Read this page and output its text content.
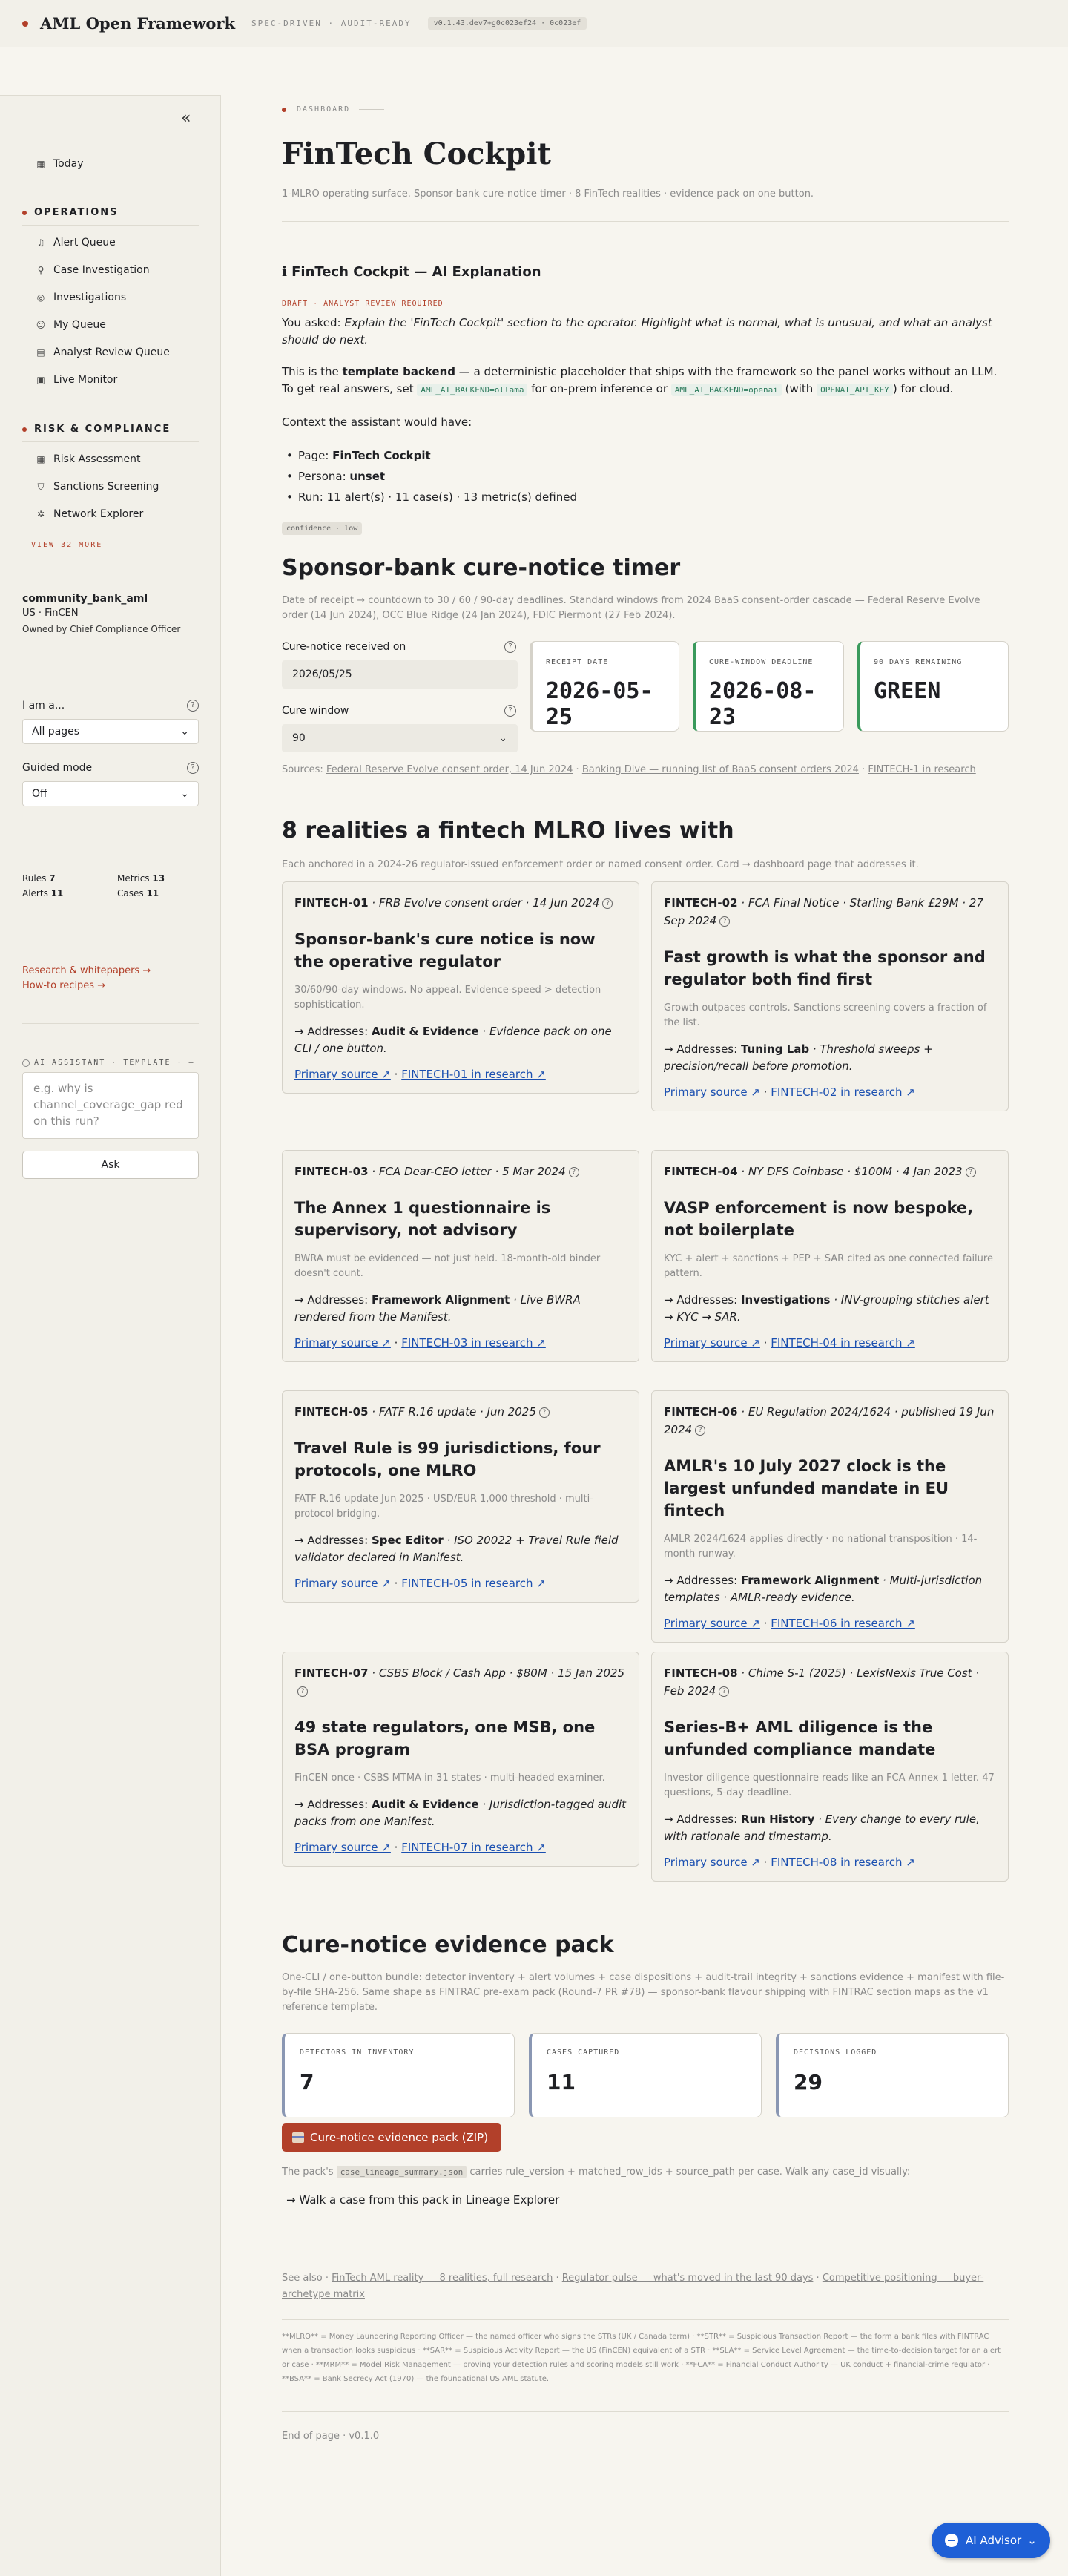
AML Open Framework SPEC-DRIVEN · AUDIT-READY	v0.1.43.dev7+g0c023ef24 · 0c023ef
«
▦ Today
OPERATIONS
♫ Alert Queue
⚲ Case Investigation
◎ Investigations
☺ My Queue
▤ Analyst Review Queue
▣ Live Monitor
RISK & COMPLIANCE
▦ Risk Assessment
⛉ Sanctions Screening
✲ Network Explorer
VIEW 32 MORE
community_bank_aml
US · FinCEN
Owned by Chief Compliance Officer
I am a...	?
All pages	⌄
Guided mode	?
Off	⌄
Rules 7	Metrics 13
Alerts 11	Cases 11
Research & whitepapers →
How-to recipes →
AI ASSISTANT · TEMPLATE · —
e.g. why is channel_coverage_gap red on this run?
Ask
DASHBOARD
FinTech Cockpit
1-MLRO operating surface. Sponsor-bank cure-notice timer · 8 FinTech realities · evidence pack on one button.
ℹ FinTech Cockpit — AI Explanation
DRAFT · ANALYST REVIEW REQUIRED
You asked: Explain the 'FinTech Cockpit' section to the operator. Highlight what is normal, what is unusual, and what an analyst should do next.
This is the template backend — a deterministic placeholder that ships with the framework so the panel works without an LLM. To get real answers, set AML_AI_BACKEND=ollama for on-prem inference or AML_AI_BACKEND=openai (with OPENAI_API_KEY ) for cloud.
Context the assistant would have:
• Page: FinTech Cockpit
• Persona: unset
• Run: 11 alert(s) · 11 case(s) · 13 metric(s) defined
confidence · low
Sponsor-bank cure-notice timer
Date of receipt → countdown to 30 / 60 / 90-day deadlines. Standard windows from 2024 BaaS consent-order cascade — Federal Reserve Evolve order (14 Jun 2024), OCC Blue Ridge (24 Jan 2024), FDIC Piermont (27 Feb 2024).
Cure-notice received on	?
2026/05/25
Cure window	?
90	⌄
RECEIPT DATE
2026-05-25
CURE-WINDOW DEADLINE
2026-08-23
90 DAYS REMAINING
GREEN
Sources: Federal Reserve Evolve consent order, 14 Jun 2024 · Banking Dive — running list of BaaS consent orders 2024 · FINTECH-1 in research
8 realities a fintech MLRO lives with
Each anchored in a 2024-26 regulator-issued enforcement order or named consent order. Card → dashboard page that addresses it.
FINTECH-01 · FRB Evolve consent order · 14 Jun 2024 ?
Sponsor-bank's cure notice is now the operative regulator
30/60/90-day windows. No appeal. Evidence-speed > detection sophistication.
→ Addresses: Audit & Evidence · Evidence pack on one CLI / one button.
Primary source ↗ · FINTECH-01 in research ↗
FINTECH-02 · FCA Final Notice · Starling Bank £29M · 27 Sep 2024 ?
Fast growth is what the sponsor and regulator both find first
Growth outpaces controls. Sanctions screening covers a fraction of the list.
→ Addresses: Tuning Lab · Threshold sweeps + precision/recall before promotion.
Primary source ↗ · FINTECH-02 in research ↗
FINTECH-03 · FCA Dear-CEO letter · 5 Mar 2024 ?
The Annex 1 questionnaire is supervisory, not advisory
BWRA must be evidenced — not just held. 18-month-old binder doesn't count.
→ Addresses: Framework Alignment · Live BWRA rendered from the Manifest.
Primary source ↗ · FINTECH-03 in research ↗
FINTECH-04 · NY DFS Coinbase · $100M · 4 Jan 2023 ?
VASP enforcement is now bespoke, not boilerplate
KYC + alert + sanctions + PEP + SAR cited as one connected failure pattern.
→ Addresses: Investigations · INV-grouping stitches alert → KYC → SAR.
Primary source ↗ · FINTECH-04 in research ↗
FINTECH-05 · FATF R.16 update · Jun 2025 ?
Travel Rule is 99 jurisdictions, four protocols, one MLRO
FATF R.16 update Jun 2025 · USD/EUR 1,000 threshold · multi-protocol bridging.
→ Addresses: Spec Editor · ISO 20022 + Travel Rule field validator declared in Manifest.
Primary source ↗ · FINTECH-05 in research ↗
FINTECH-06 · EU Regulation 2024/1624 · published 19 Jun 2024 ?
AMLR's 10 July 2027 clock is the largest unfunded mandate in EU fintech
AMLR 2024/1624 applies directly · no national transposition · 14-month runway.
→ Addresses: Framework Alignment · Multi-jurisdiction templates · AMLR-ready evidence.
Primary source ↗ · FINTECH-06 in research ↗
FINTECH-07 · CSBS Block / Cash App · $80M · 15 Jan 2025?
49 state regulators, one MSB, one BSA program
FinCEN once · CSBS MTMA in 31 states · multi-headed examiner.
→ Addresses: Audit & Evidence · Jurisdiction-tagged audit packs from one Manifest.
Primary source ↗ · FINTECH-07 in research ↗
FINTECH-08 · Chime S-1 (2025) · LexisNexis True Cost · Feb 2024 ?
Series-B+ AML diligence is the unfunded compliance mandate
Investor diligence questionnaire reads like an FCA Annex 1 letter. 47 questions, 5-day deadline.
→ Addresses: Run History · Every change to every rule, with rationale and timestamp.
Primary source ↗ · FINTECH-08 in research ↗
Cure-notice evidence pack
One-CLI / one-button bundle: detector inventory + alert volumes + case dispositions + audit-trail integrity + sanctions evidence + manifest with file-by-file SHA-256. Same shape as FINTRAC pre-exam pack (Round-7 PR #78) — sponsor-bank flavour shipping with FINTRAC section maps as the v1 reference template.
DETECTORS IN INVENTORY
7
CASES CAPTURED
11
DECISIONS LOGGED
29
Cure-notice evidence pack (ZIP)
The pack's case_lineage_summary.json carries rule_version + matched_row_ids + source_path per case. Walk any case_id visually:
→ Walk a case from this pack in Lineage Explorer
See also · FinTech AML reality — 8 realities, full research · Regulator pulse — what's moved in the last 90 days · Competitive positioning — buyer-archetype matrix
**MLRO** = Money Laundering Reporting Officer — the named officer who signs the STRs (UK / Canada term) · **STR** = Suspicious Transaction Report — the form a bank files with FINTRAC when a transaction looks suspicious · **SAR** = Suspicious Activity Report — the US (FinCEN) equivalent of a STR · **SLA** = Service Level Agreement — the time-to-decision target for an alert or case · **MRM** = Model Risk Management — proving your detection rules and scoring models still work · **FCA** = Financial Conduct Authority — UK conduct + financial-crime regulator · **BSA** = Bank Secrecy Act (1970) — the foundational US AML statute.
End of page · v0.1.0
AI Advisor ⌄
